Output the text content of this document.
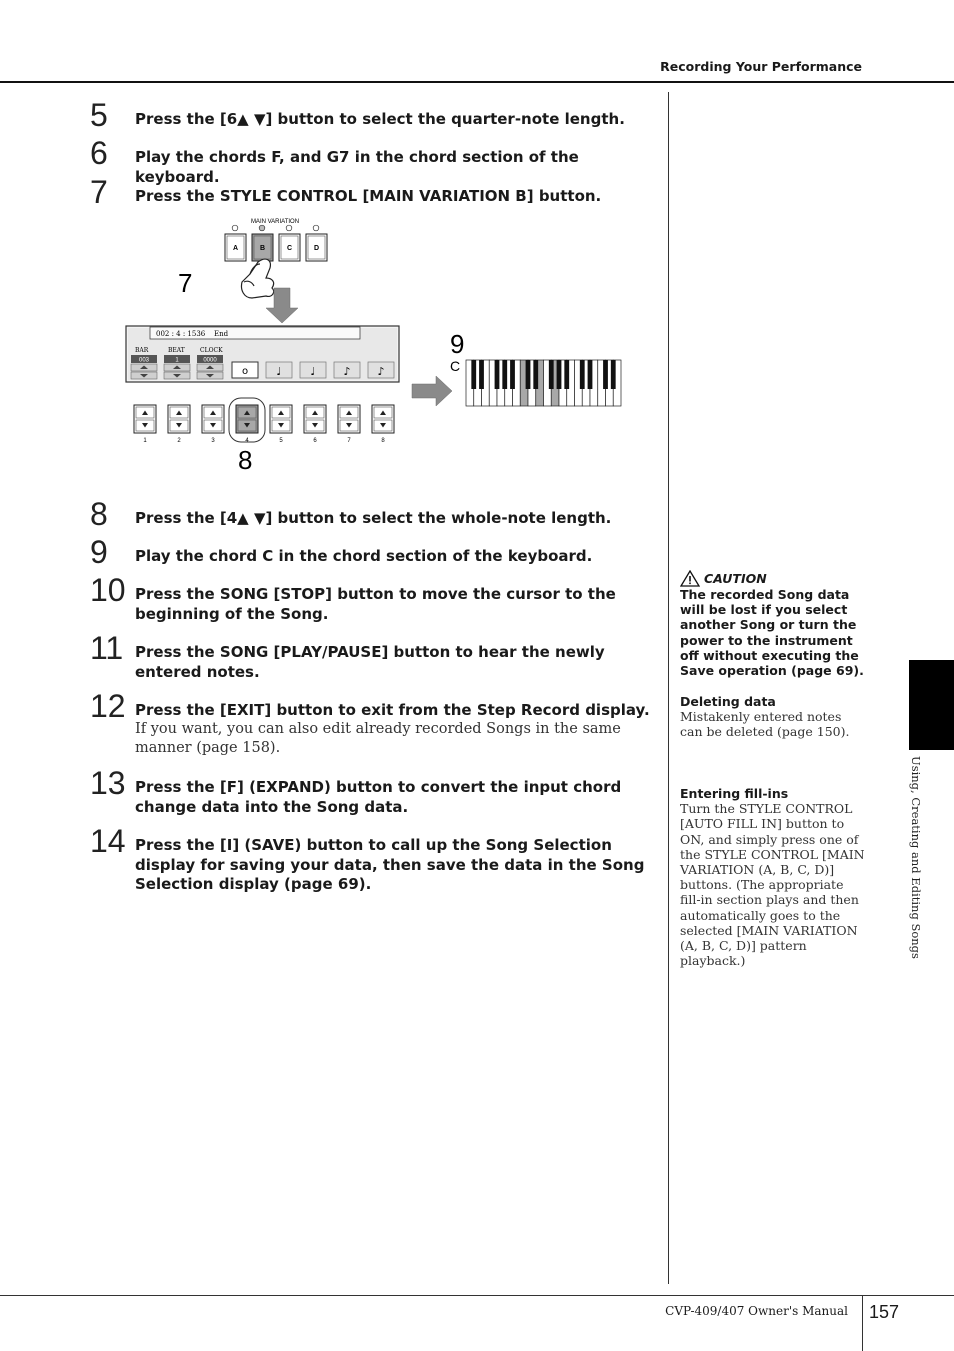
Recording Your Performance
5 Press the [6▲ ▼] button to select the quarter-note length.
6 Play the chords F, and G7 in the chord section of the keyboard.
7 Press the STYLE CONTROL [MAIN VARIATION B] button.
MAIN VARIATION
A	B	C	D
002 : 4 : 1536 End
BAR	BEAT	CLOCK
003	1	0000
o	♩	♩	♪ ♪
1	2	3	4	5	6	7	8
7
8
9
C
8 Press the [4▲ ▼] button to select the whole-note length.
9 Play the chord C in the chord section of the keyboard.
10 Press the SONG [STOP] button to move the cursor to the beginning of the Song.
11 Press the SONG [PLAY/PAUSE] button to hear the newly entered notes.
12 Press the [EXIT] button to exit from the Step Record display.
If you want, you can also edit already recorded Songs in the same manner (page 158).
13 Press the [F] (EXPAND) button to convert the input chord change data into the Song data.
14 Press the [I] (SAVE) button to call up the Song Selection display for saving your data, then save the data in the Song Selection display (page 69).
CAUTION
The recorded Song data will be lost if you select another Song or turn the power to the instrument off without executing the Save operation (page 69).
Deleting data
Mistakenly entered notes can be deleted (page 150).
Entering fill-ins
Turn the STYLE CONTROL [AUTO FILL IN] button to ON, and simply press one of the STYLE CONTROL [MAIN VARIATION (A, B, C, D)] buttons. (The appropriate fill-in section plays and then automatically goes to the selected [MAIN VARIATION (A, B, C, D)] pattern playback.)
Using, Creating and Editing Songs
CVP-409/407 Owner's Manual 157
